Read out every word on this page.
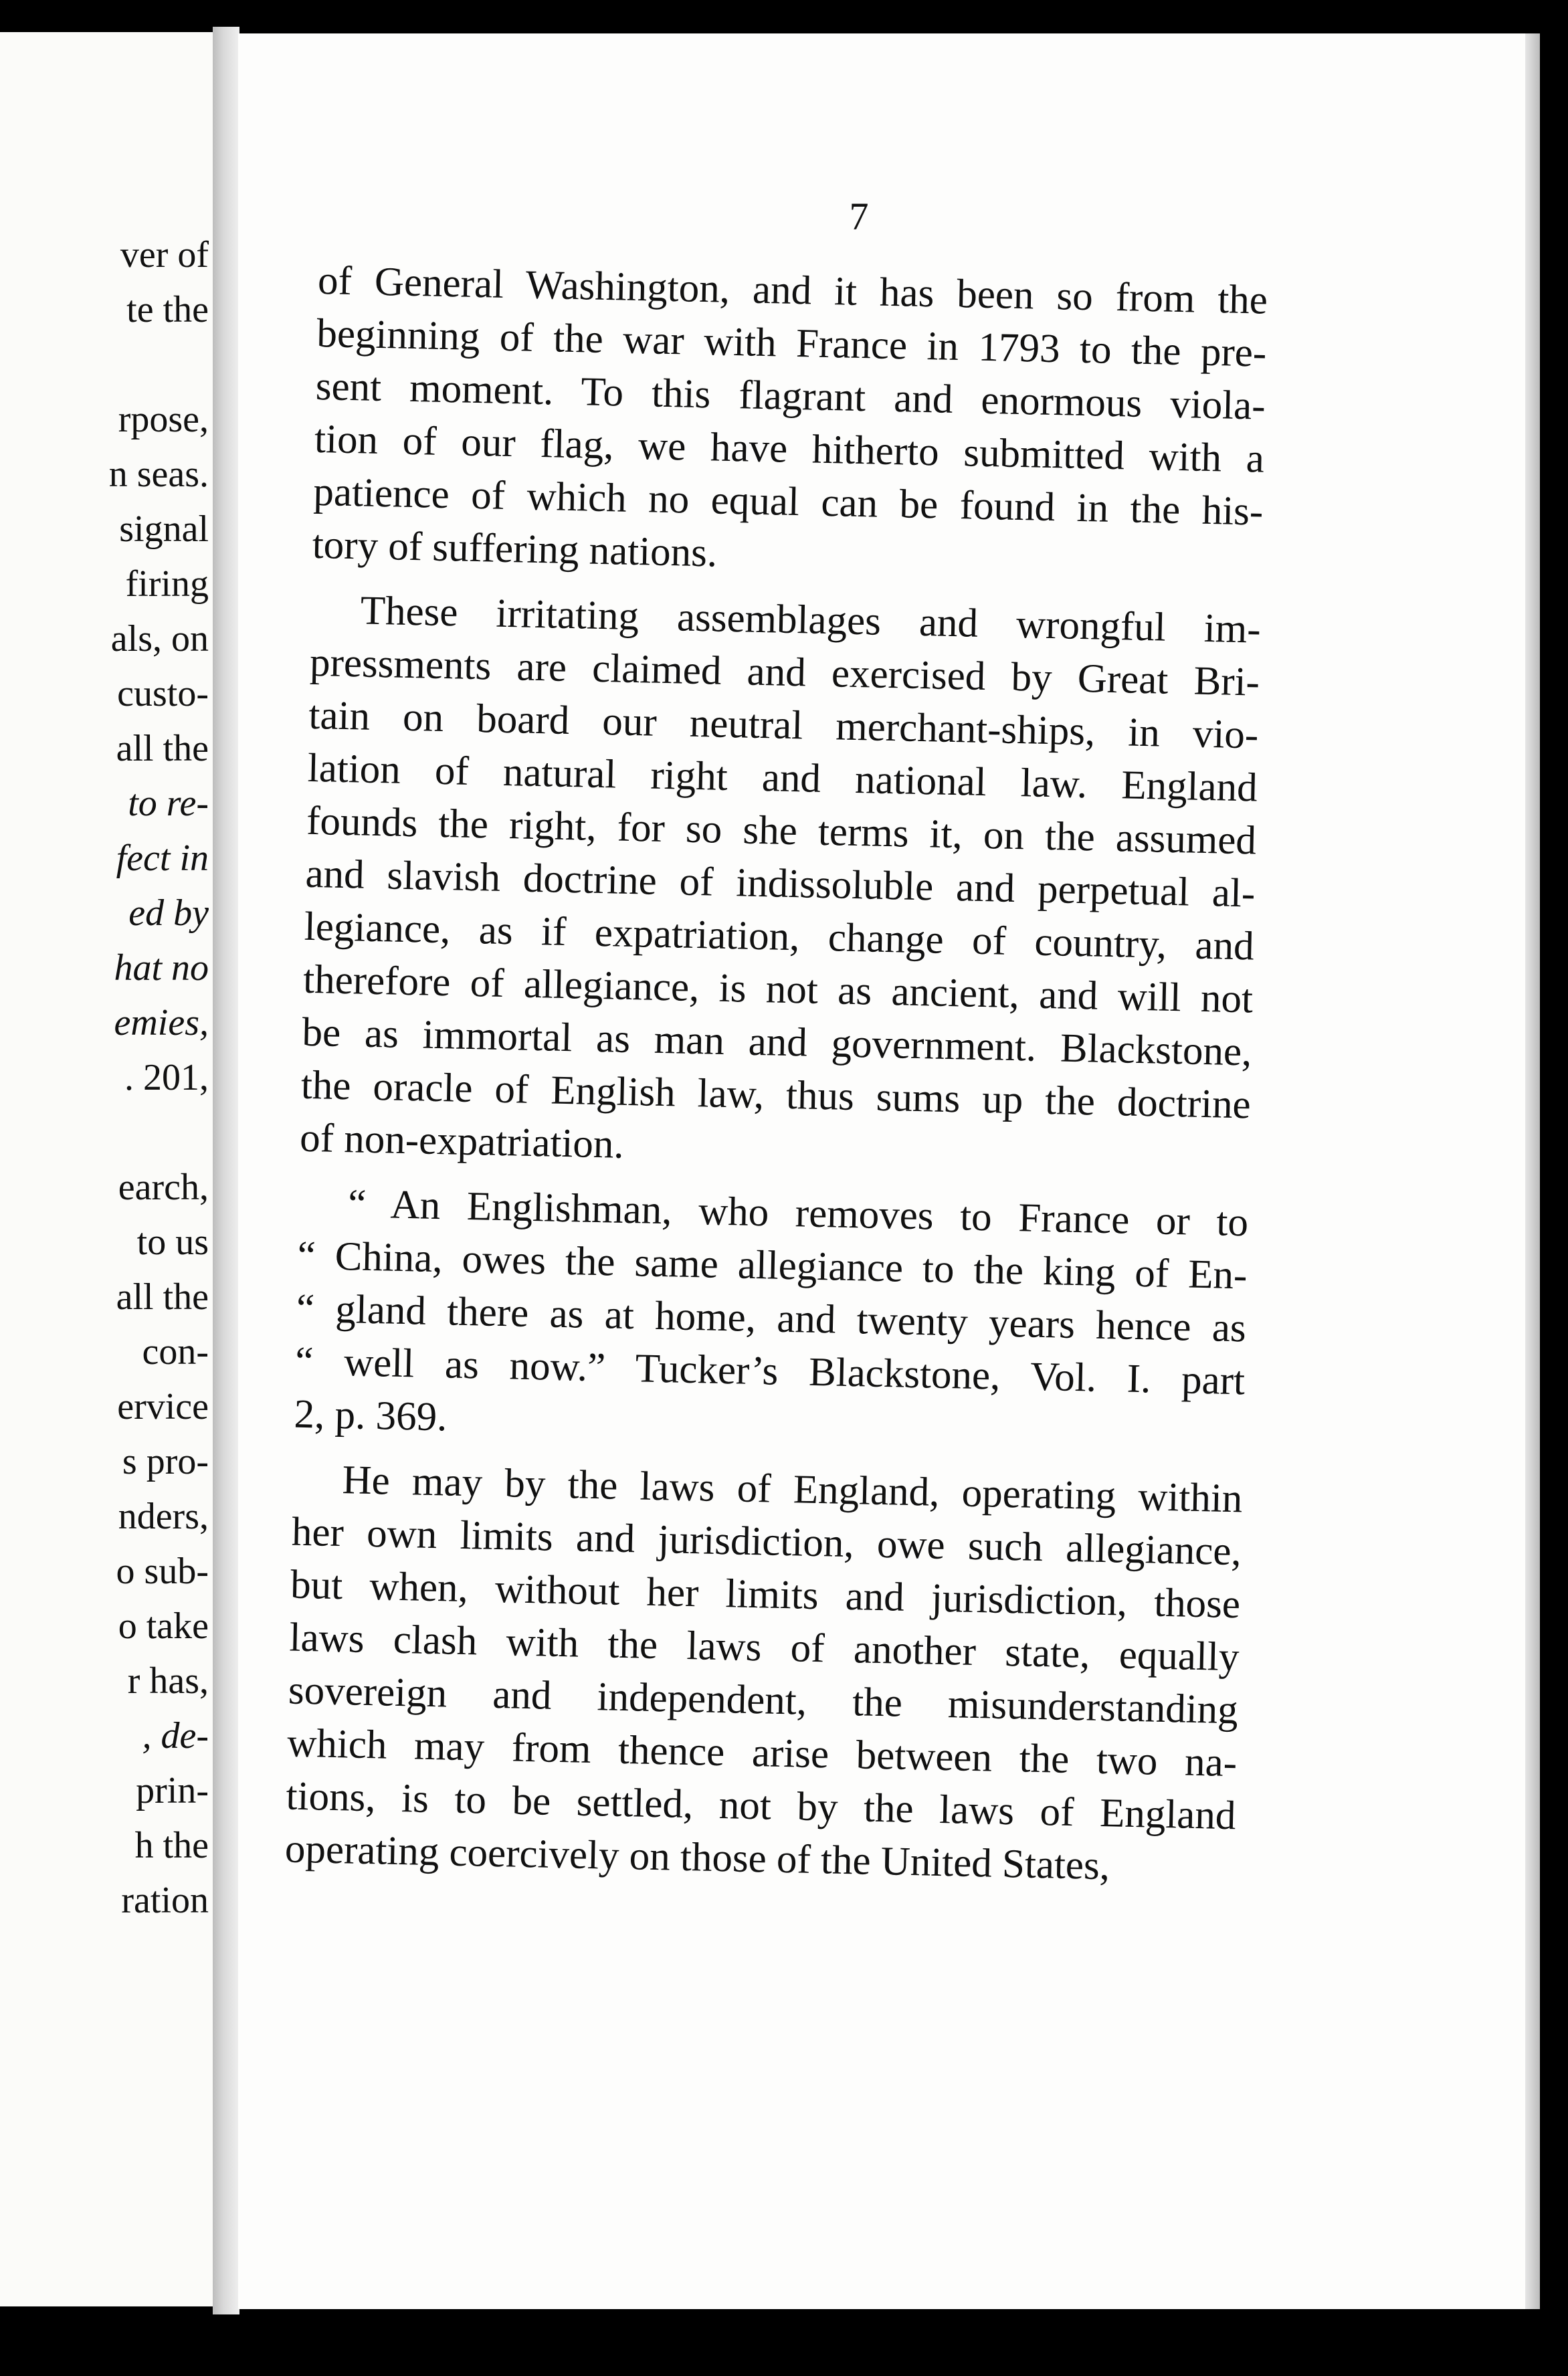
ver of
te the
rpose,
n seas.
signal
firing
als, on
custo-
all the
to re-
fect in
ed by
hat no
emies,
. 201,
earch,
to us
all the
con-
ervice
s pro-
nders,
o sub-
o take
r has,
, de-
prin-
h the
ration
7
of General Washington, and it has been so from the
beginning of the war with France in 1793 to the pre-
sent moment. To this flagrant and enormous viola-
tion of our flag, we have hitherto submitted with a
patience of which no equal can be found in the his-
tory of suffering nations.
These irritating assemblages and wrongful im-
pressments are claimed and exercised by Great Bri-
tain on board our neutral merchant-ships, in vio-
lation of natural right and national law. England
founds the right, for so she terms it, on the assumed
and slavish doctrine of indissoluble and perpetual al-
legiance, as if expatriation, change of country, and
therefore of allegiance, is not as ancient, and will not
be as immortal as man and government. Blackstone,
the oracle of English law, thus sums up the doctrine
of non-expatriation.
“ An Englishman, who removes to France or to
“ China, owes the same allegiance to the king of En-
“ gland there as at home, and twenty years hence as
“ well as now.” Tucker’s Blackstone, Vol. I. part
2, p. 369.
He may by the laws of England, operating within
her own limits and jurisdiction, owe such allegiance,
but when, without her limits and jurisdiction, those
laws clash with the laws of another state, equally
sovereign and independent, the misunderstanding
which may from thence arise between the two na-
tions, is to be settled, not by the laws of England
operating coercively on those of the United States,
